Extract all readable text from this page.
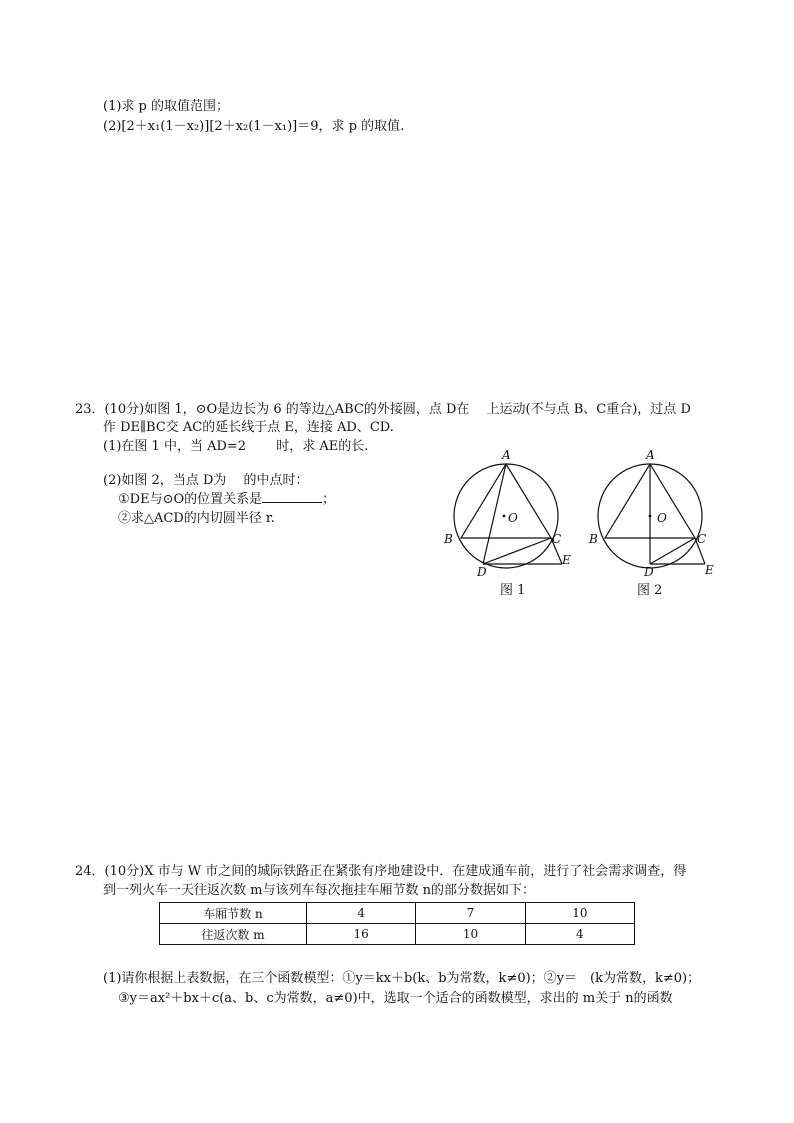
(1)求 p 的取值范围；
(2)[2＋x₁(1－x₂)][2＋x₂(1－x₁)]＝9，求 p 的取值.
23．(10分)如图 1，⊙O是边长为 6 的等边△ABC的外接圆，点 D在　 上运动(不与点 B、C重合)，过点 D
作 DE∥BC交 AC的延长线于点 E，连接 AD、CD.
(1)在图 1 中，当 AD=2　　 时，求 AE的长.
(2)如图 2，当点 D为　 的中点时：
①DE与⊙O的位置关系是	；
②求△ACD的内切圆半径 r.
A
B	C
D
E
O
图 1
A
B	C
D	E
O
图 2
24．(10分)X 市与 W 市之间的城际铁路正在紧张有序地建设中．在建成通车前，进行了社会需求调查，得
到一列火车一天往返次数 m与该列车每次拖挂车厢节数 n的部分数据如下：
车厢节数 n	4	7	10
往返次数 m	16	10	4
(1)请你根据上表数据，在三个函数模型：①y＝kx＋b(k、b为常数，k≠0)；②y＝　(k为常数，k≠0)；
③y＝ax²＋bx＋c(a、b、c为常数，a≠0)中，选取一个适合的函数模型，求出的 m关于 n的函数
